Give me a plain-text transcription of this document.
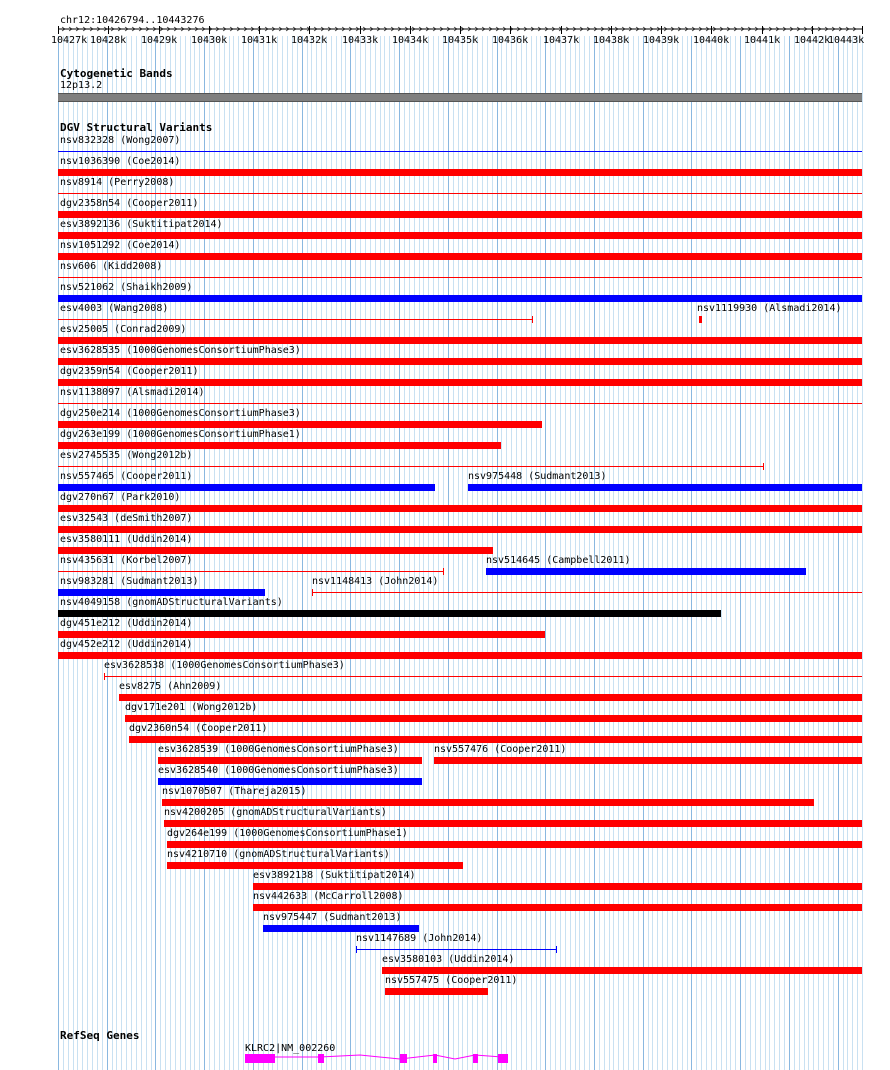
chr12:10426794..10443276
10427k 10428k 10429k 10430k 10431k 10432k 10433k 10434k 10435k 10436k 10437k 10438k 10439k 10440k 10441k 10442k
10443k
Cytogenetic Bands
12p13.2
DGV Structural Variants
nsv832328 (Wong2007)
nsv1036390 (Coe2014)
nsv8914 (Perry2008)
dgv2358n54 (Cooper2011)
esv3892136 (Suktitipat2014)
nsv1051292 (Coe2014)
nsv606 (Kidd2008)
nsv521062 (Shaikh2009)
esv4003 (Wang2008)	nsv1119930 (Alsmadi2014)
esv25005 (Conrad2009)
esv3628535 (1000GenomesConsortiumPhase3)
dgv2359n54 (Cooper2011)
nsv1138097 (Alsmadi2014)
dgv250e214 (1000GenomesConsortiumPhase3)
dgv263e199 (1000GenomesConsortiumPhase1)
esv2745535 (Wong2012b)
nsv557465 (Cooper2011)	nsv975448 (Sudmant2013)
dgv270n67 (Park2010)
esv32543 (deSmith2007)
esv3580111 (Uddin2014)
nsv435631 (Korbel2007)	nsv514645 (Campbell2011)
nsv983281 (Sudmant2013)	nsv1148413 (John2014)
nsv4049158 (gnomADStructuralVariants)
dgv451e212 (Uddin2014)
dgv452e212 (Uddin2014)
esv3628538 (1000GenomesConsortiumPhase3)
esv8275 (Ahn2009)
dgv171e201 (Wong2012b)
dgv2360n54 (Cooper2011)
esv3628539 (1000GenomesConsortiumPhase3)	nsv557476 (Cooper2011)
esv3628540 (1000GenomesConsortiumPhase3)
nsv1070507 (Thareja2015)
nsv4200205 (gnomADStructuralVariants)
dgv264e199 (1000GenomesConsortiumPhase1)
nsv4210710 (gnomADStructuralVariants)
esv3892138 (Suktitipat2014)
nsv442633 (McCarroll2008)
nsv975447 (Sudmant2013)
nsv1147689 (John2014)
esv3580103 (Uddin2014)
nsv557475 (Cooper2011)
RefSeq Genes
KLRC2|NM_002260
